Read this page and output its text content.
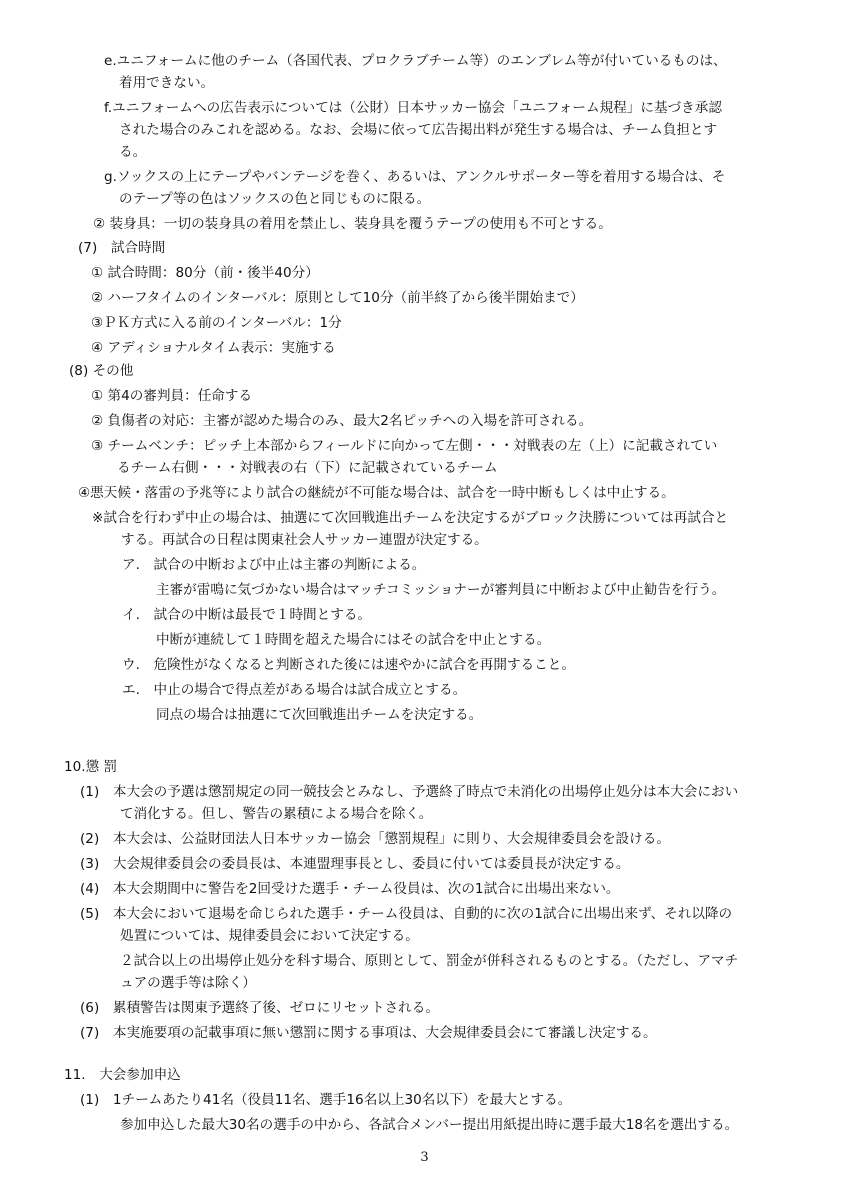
e.ユニフォームに他のチーム（各国代表、プロクラブチーム等）のエンブレム等が付いているものは、
着用できない。
f.ユニフォームへの広告表示については（公財）日本サッカー協会「ユニフォーム規程」に基づき承認
された場合のみこれを認める。なお、会場に依って広告掲出料が発生する場合は、チーム負担とす
る。
g.ソックスの上にテープやバンテージを巻く、あるいは、アンクルサポーター等を着用する場合は、そ
のテープ等の色はソックスの色と同じものに限る。
② 装身具：一切の装身具の着用を禁止し、装身具を覆うテープの使用も不可とする。
(7)　試合時間
① 試合時間：80分（前・後半40分）
② ハーフタイムのインターバル：原則として10分（前半終了から後半開始まで）
③ＰＫ方式に入る前のインターバル：1分
④ アディショナルタイム表示：実施する
(8) その他
① 第4の審判員：任命する
② 負傷者の対応：主審が認めた場合のみ、最大2名ピッチへの入場を許可される。
③ チームベンチ：ピッチ上本部からフィールドに向かって左側・・・対戦表の左（上）に記載されてい
るチーム右側・・・対戦表の右（下）に記載されているチーム
④悪天候・落雷の予兆等により試合の継続が不可能な場合は、試合を一時中断もしくは中止する。
※試合を行わず中止の場合は、抽選にて次回戦進出チームを決定するがブロック決勝については再試合と
する。再試合の日程は関東社会人サッカー連盟が決定する。
ア.　試合の中断および中止は主審の判断による。
主審が雷鳴に気づかない場合はマッチコミッショナーが審判員に中断および中止勧告を行う。
イ.　試合の中断は最長で１時間とする。
中断が連続して１時間を超えた場合にはその試合を中止とする。
ウ.　危険性がなくなると判断された後には速やかに試合を再開すること。
エ.　中止の場合で得点差がある場合は試合成立とする。
同点の場合は抽選にて次回戦進出チームを決定する。
10.懲 罰
(1)　本大会の予選は懲罰規定の同一競技会とみなし、予選終了時点で未消化の出場停止処分は本大会におい
て消化する。但し、警告の累積による場合を除く。
(2)　本大会は、公益財団法人日本サッカー協会「懲罰規程」に則り、大会規律委員会を設ける。
(3)　大会規律委員会の委員長は、本連盟理事長とし、委員に付いては委員長が決定する。
(4)　本大会期間中に警告を2回受けた選手・チーム役員は、次の1試合に出場出来ない。
(5)　本大会において退場を命じられた選手・チーム役員は、自動的に次の1試合に出場出来ず、それ以降の
処置については、規律委員会において決定する。
２試合以上の出場停止処分を科す場合、原則として、罰金が併科されるものとする。（ただし、アマチ
ュアの選手等は除く）
(6)　累積警告は関東予選終了後、ゼロにリセットされる。
(7)　本実施要項の記載事項に無い懲罰に関する事項は、大会規律委員会にて審議し決定する。
11.　大会参加申込
(1)　1チームあたり41名（役員11名、選手16名以上30名以下）を最大とする。
参加申込した最大30名の選手の中から、各試合メンバー提出用紙提出時に選手最大18名を選出する。
3
